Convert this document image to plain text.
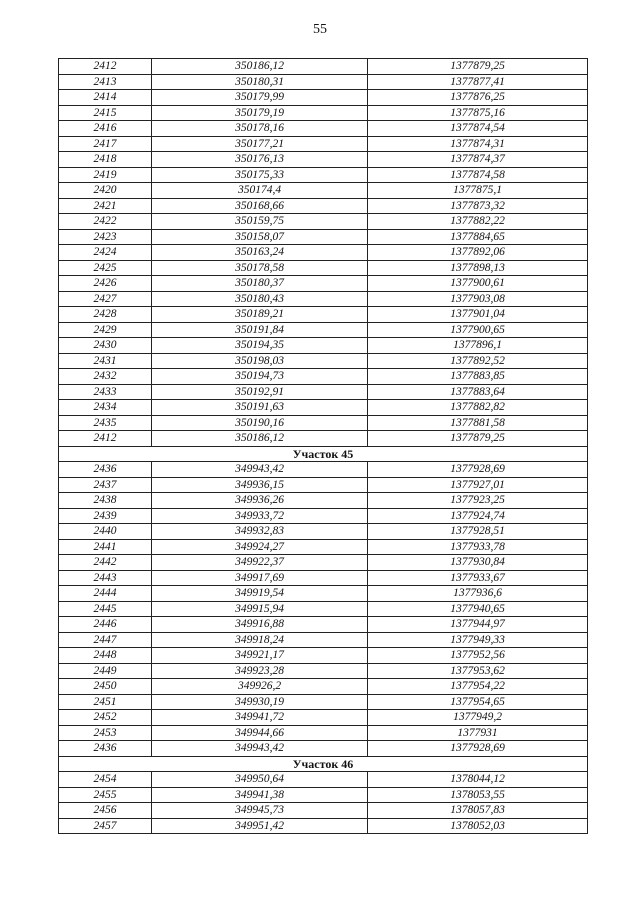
55
2412	350186,12	1377879,25
2413	350180,31	1377877,41
2414	350179,99	1377876,25
2415	350179,19	1377875,16
2416	350178,16	1377874,54
2417	350177,21	1377874,31
2418	350176,13	1377874,37
2419	350175,33	1377874,58
2420	350174,4	1377875,1
2421	350168,66	1377873,32
2422	350159,75	1377882,22
2423	350158,07	1377884,65
2424	350163,24	1377892,06
2425	350178,58	1377898,13
2426	350180,37	1377900,61
2427	350180,43	1377903,08
2428	350189,21	1377901,04
2429	350191,84	1377900,65
2430	350194,35	1377896,1
2431	350198,03	1377892,52
2432	350194,73	1377883,85
2433	350192,91	1377883,64
2434	350191,63	1377882,82
2435	350190,16	1377881,58
2412	350186,12	1377879,25
Участок 45		
2436	349943,42	1377928,69
2437	349936,15	1377927,01
2438	349936,26	1377923,25
2439	349933,72	1377924,74
2440	349932,83	1377928,51
2441	349924,27	1377933,78
2442	349922,37	1377930,84
2443	349917,69	1377933,67
2444	349919,54	1377936,6
2445	349915,94	1377940,65
2446	349916,88	1377944,97
2447	349918,24	1377949,33
2448	349921,17	1377952,56
2449	349923,28	1377953,62
2450	349926,2	1377954,22
2451	349930,19	1377954,65
2452	349941,72	1377949,2
2453	349944,66	1377931
2436	349943,42	1377928,69
Участок 46		
2454	349950,64	1378044,12
2455	349941,38	1378053,55
2456	349945,73	1378057,83
2457	349951,42	1378052,03
